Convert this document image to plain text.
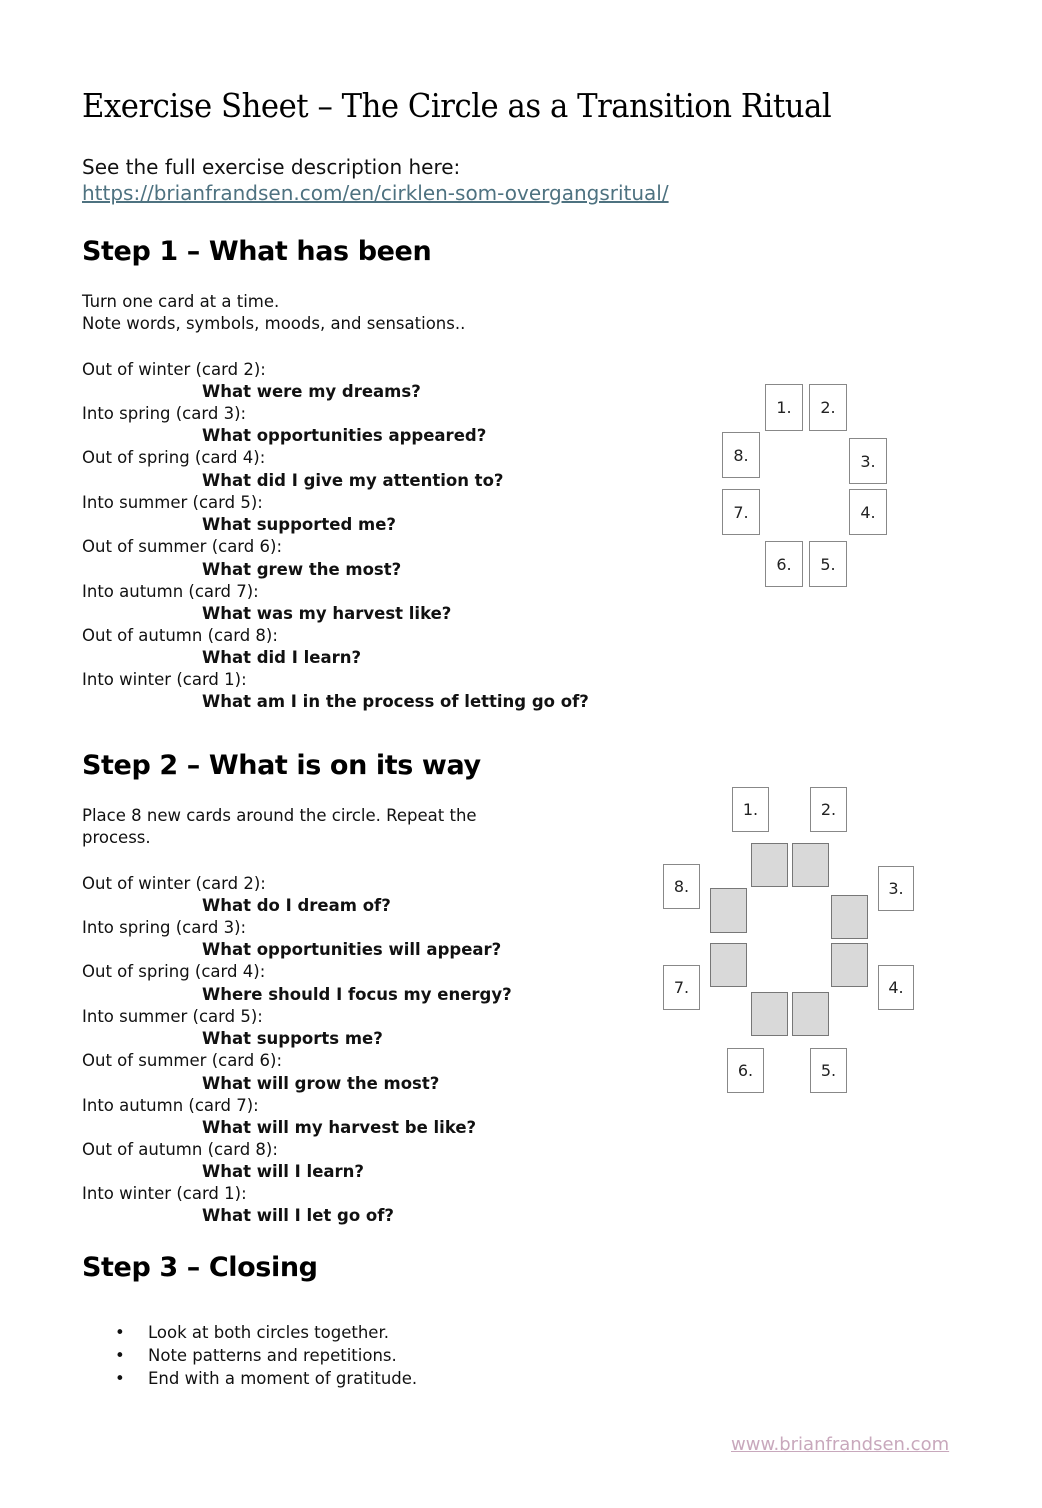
Exercise Sheet – The Circle as a Transition Ritual
See the full exercise description here:
https://brianfrandsen.com/en/cirklen-som-overgangsritual/
Step 1 – What has been
Turn one card at a time.
Note words, symbols, moods, and sensations..
Out of winter (card 2):
What were my dreams?
Into spring (card 3):
What opportunities appeared?
Out of spring (card 4):
What did I give my attention to?
Into summer (card 5):
What supported me?
Out of summer (card 6):
What grew the most?
Into autumn (card 7):
What was my harvest like?
Out of autumn (card 8):
What did I learn?
Into winter (card 1):
What am I in the process of letting go of?
1.	2.
3.
4.
5.
6.
7.
8.
Step 2 – What is on its way
Place 8 new cards around the circle. Repeat the
process.
Out of winter (card 2):
What do I dream of?
Into spring (card 3):
What opportunities will appear?
Out of spring (card 4):
Where should I focus my energy?
Into summer (card 5):
What supports me?
Out of summer (card 6):
What will grow the most?
Into autumn (card 7):
What will my harvest be like?
Out of autumn (card 8):
What will I learn?
Into winter (card 1):
What will I let go of?
1.	2.
3.
4.
5.
6.
7.
8.
Step 3 – Closing
• Look at both circles together.
• Note patterns and repetitions.
• End with a moment of gratitude.
www.brianfrandsen.com
